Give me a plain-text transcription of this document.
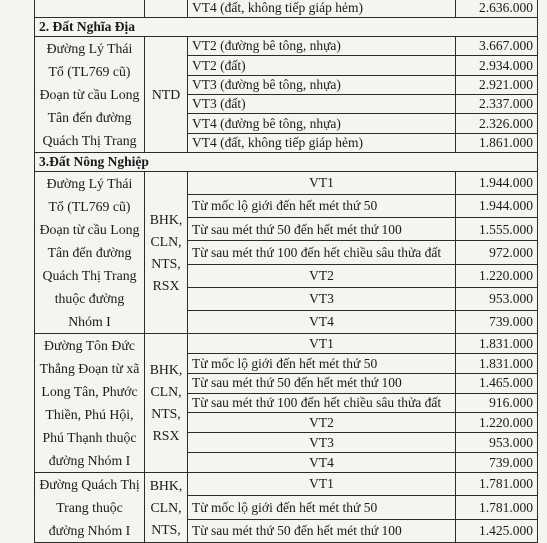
		VT4 (đất, không tiếp giáp hẻm)	2.636.000
2. Đất Nghĩa Địa			
Đường Lý Thái Tổ (TL769 cũ) Đoạn từ cầu Long Tân đến đường Quách Thị Trang	NTD	VT2 (đường bê tông, nhựa)	3.667.000
		VT2 (đất)	2.934.000
		VT3 (đường bê tông, nhựa)	2.921.000
		VT3 (đất)	2.337.000
		VT4 (đường bê tông, nhựa)	2.326.000
		VT4 (đất, không tiếp giáp hẻm)	1.861.000
3.Đất Nông Nghiệp			
Đường Lý Thái Tổ (TL769 cũ) Đoạn từ cầu Long Tân đến đường Quách Thị Trang thuộc đường Nhóm I	BHK, CLN, NTS, RSX	VT1	1.944.000
		Từ mốc lộ giới đến hết mét thứ 50	1.944.000
		Từ sau mét thứ 50 đến hết mét thứ 100	1.555.000
		Từ sau mét thứ 100 đến hết chiều sâu thửa đất	972.000
		VT2	1.220.000
		VT3	953.000
		VT4	739.000
Đường Tôn Đức Thắng Đoạn từ xã Long Tân, Phước Thiền, Phú Hội, Phú Thạnh thuộc đường Nhóm I	BHK, CLN, NTS, RSX	VT1	1.831.000
		Từ mốc lộ giới đến hết mét thứ 50	1.831.000
		Từ sau mét thứ 50 đến hết mét thứ 100	1.465.000
		Từ sau mét thứ 100 đến hết chiều sâu thửa đất	916.000
		VT2	1.220.000
		VT3	953.000
		VT4	739.000
Đường Quách Thị Trang thuộc đường Nhóm I	BHK, CLN, NTS,	VT1	1.781.000
		Từ mốc lộ giới đến hết mét thứ 50	1.781.000
		Từ sau mét thứ 50 đến hết mét thứ 100	1.425.000
